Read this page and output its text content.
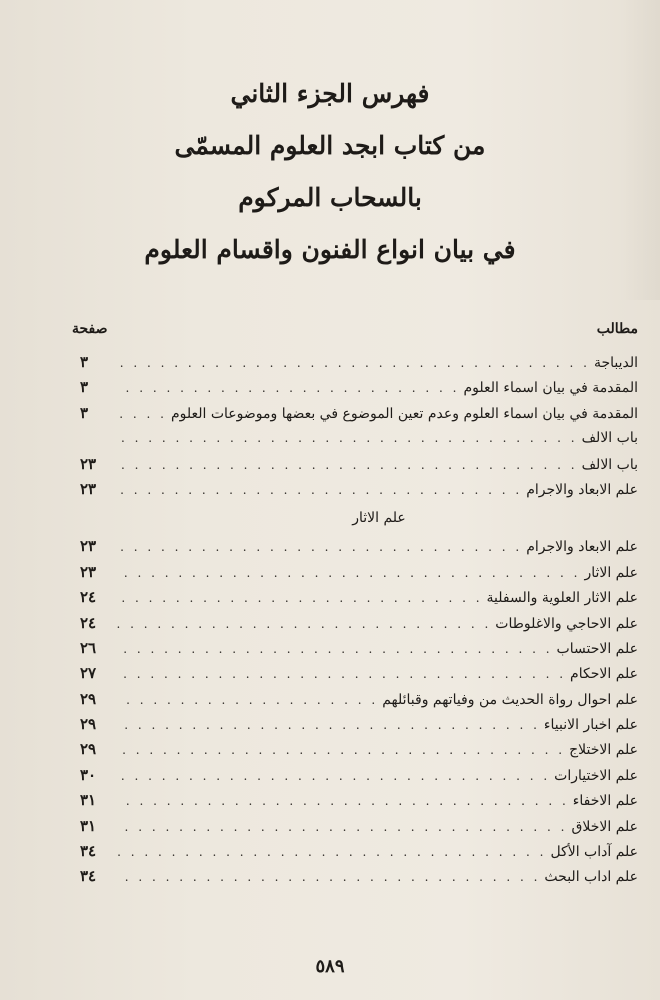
فهرس الجزء الثاني
من كتاب ابجد العلوم المسمّى
بالسحاب المركوم
في بيان انواع الفنون واقسام العلوم
مطالب
صفحة
الديباجة
. . .
٣
المقدمة في بيان اسماء العلوم
. . .
٣
المقدمة في بيان اسماء العلوم وعدم تعين الموضوع في بعضها وموضوعات العلوم
. . .
٣
باب الالف
. . .
باب الالف
. . .
٢٣
علم الابعاد والاجرام
. . .
٢٣
علم الاثار
علم الابعاد والاجرام
. . .
٢٣
علم الاثار
. . .
٢٣
علم الاثار العلوية والسفلية
. . .
٢٤
علم الاحاجي والاغلوطات
. . .
٢٤
علم الاحتساب
. . .
٢٦
علم الاحكام
. . .
٢٧
علم احوال رواة الحديث من وفياتهم وقبائلهم
. . .
٢٩
علم اخبار الانبياء
. . .
٢٩
علم الاختلاج
. . .
٢٩
علم الاختيارات
. . .
٣٠
علم الاخفاء
. . .
٣١
علم الاخلاق
. . .
٣١
علم آداب الأكل
. . .
٣٤
علم اداب البحث
. . .
٣٤
٥٨٩
